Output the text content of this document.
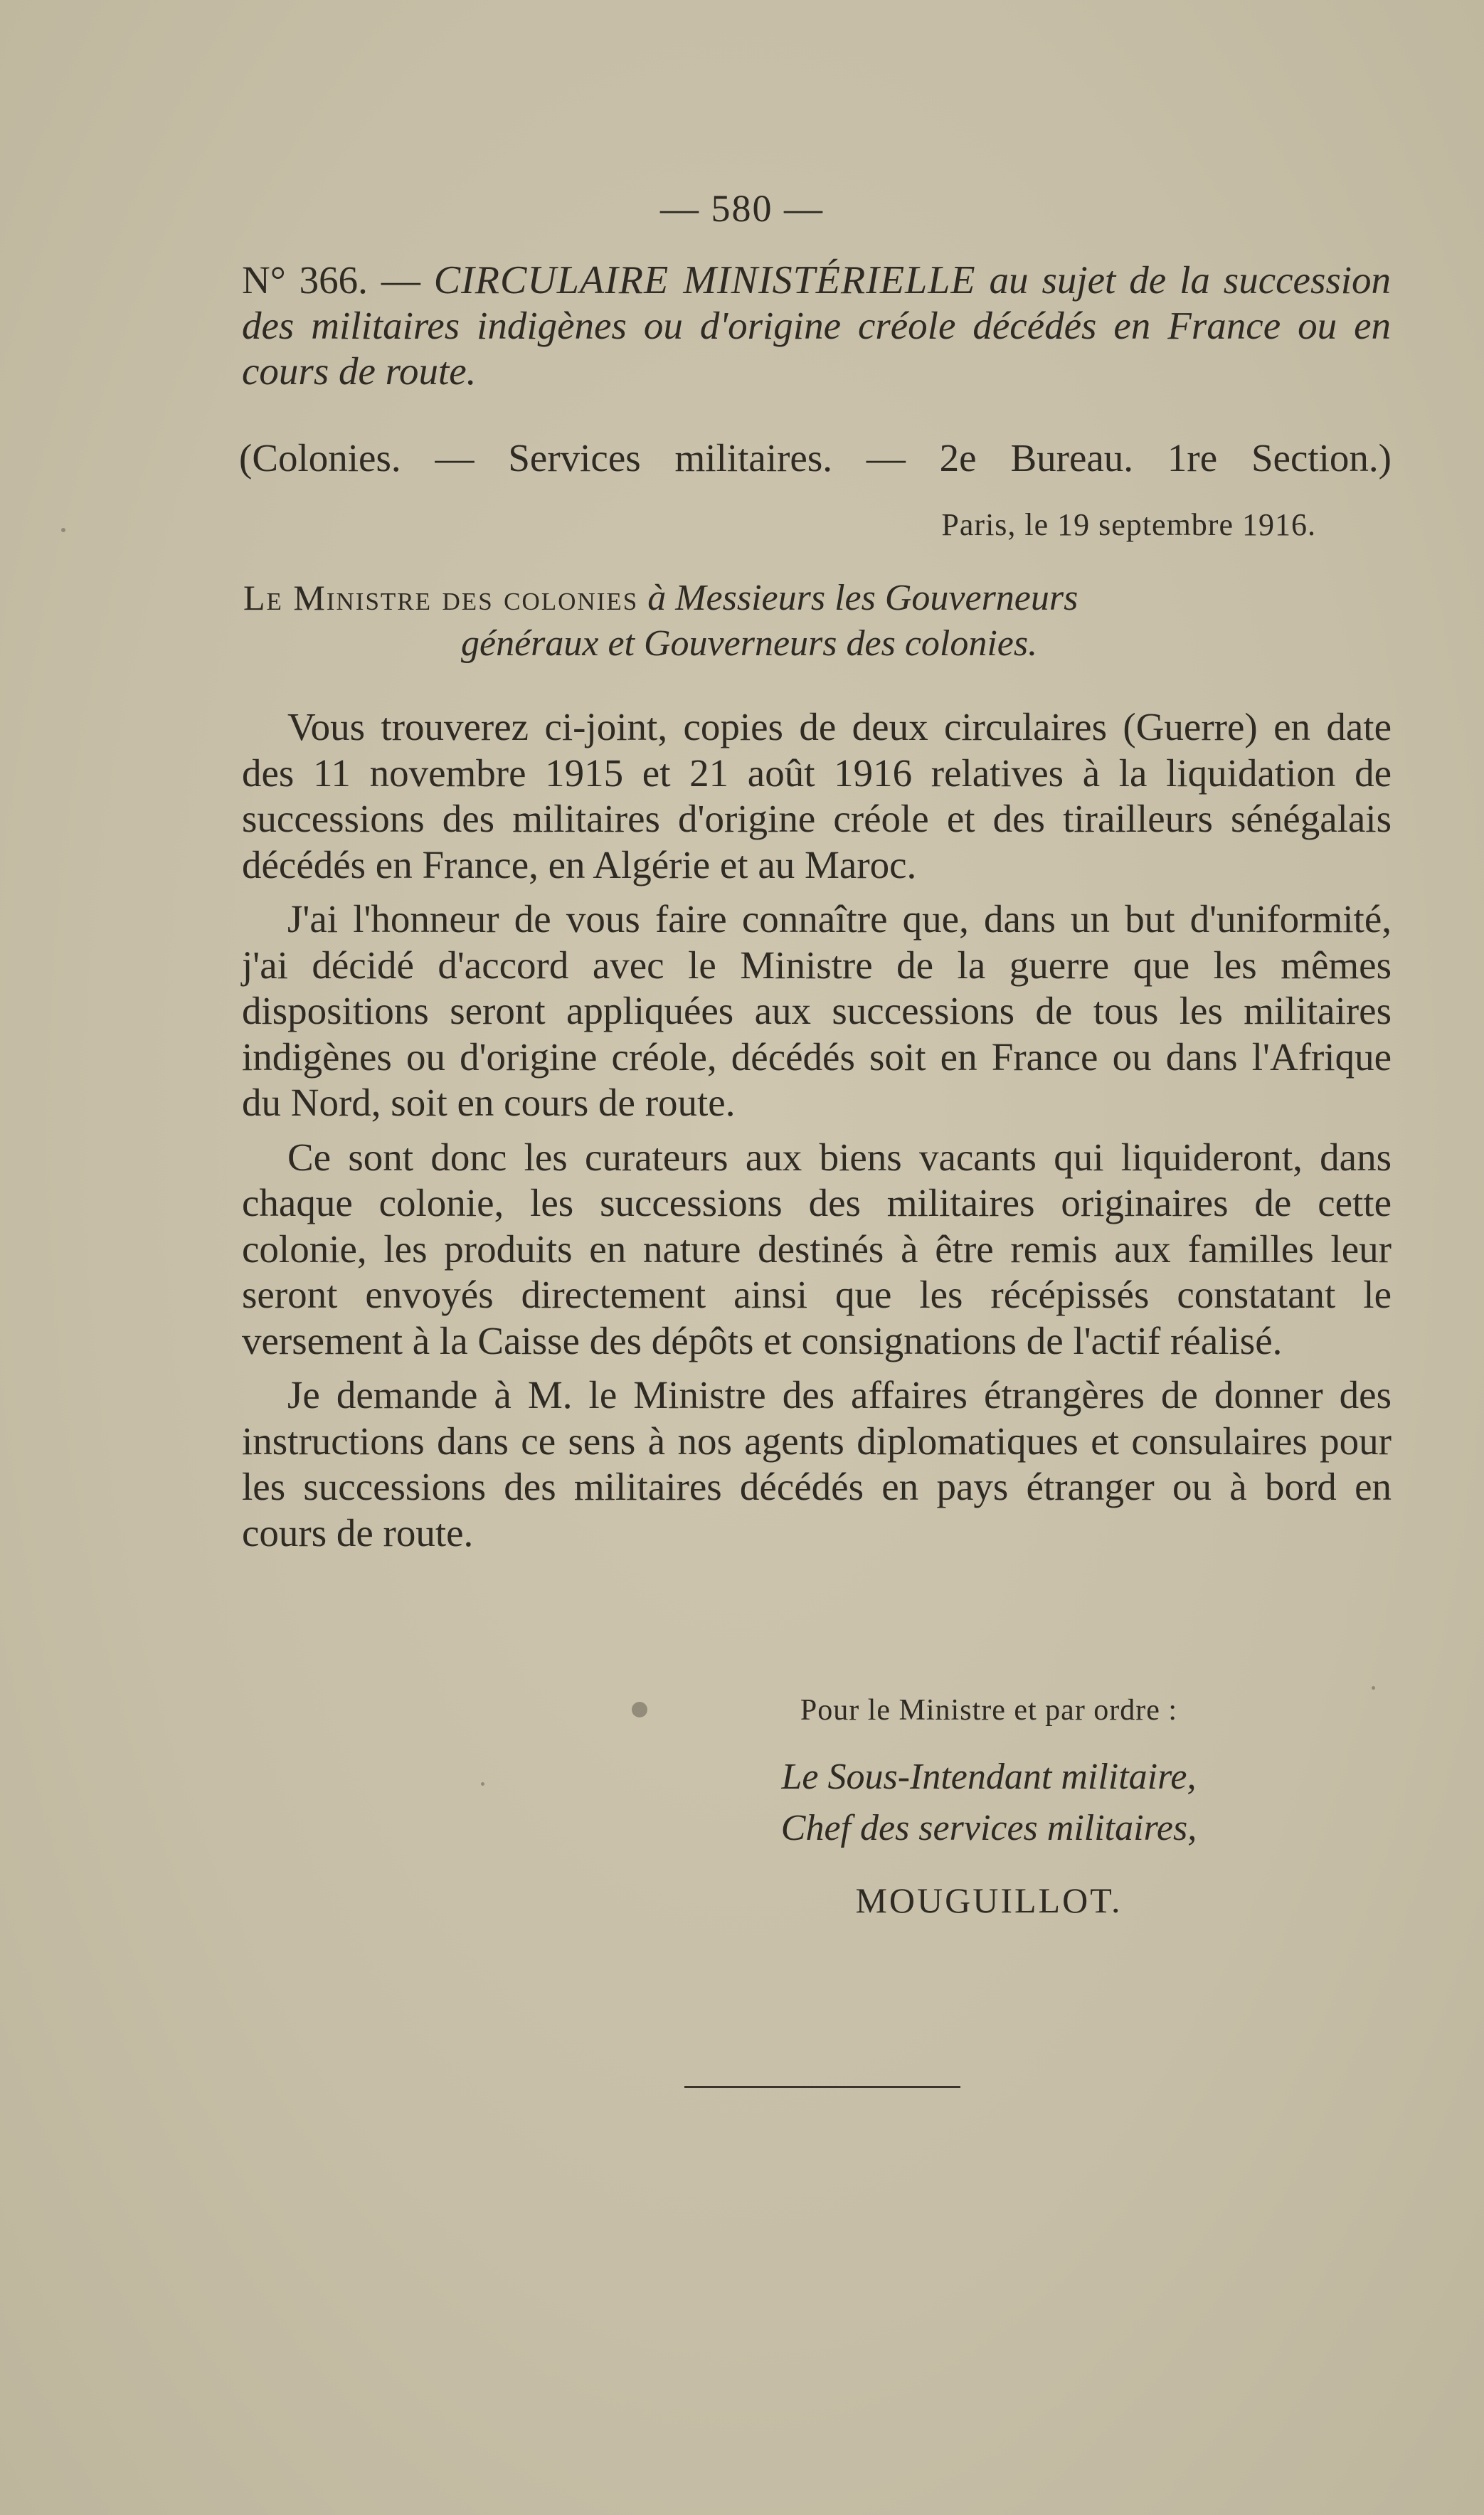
— 580 —
N° 366. — CIRCULAIRE MINISTÉRIELLE au sujet de la succession des militaires indigènes ou d'origine créole décédés en France ou en cours de route.
(Colonies. — Services militaires. — 2e Bureau. 1re Section.)
Paris, le 19 septembre 1916.
Le Ministre des colonies à Messieurs les Gouverneurs
généraux et Gouverneurs des colonies.

Vous trouverez ci-joint, copies de deux circulaires (Guerre) en date des 11 novembre 1915 et 21 août 1916 relatives à la liquidation de successions des militaires d'origine créole et des tirailleurs sénégalais décédés en France, en Algérie et au Maroc.

J'ai l'honneur de vous faire connaître que, dans un but d'uniformité, j'ai décidé d'accord avec le Ministre de la guerre que les mêmes dispositions seront appliquées aux successions de tous les militaires indigènes ou d'origine créole, décédés soit en France ou dans l'Afrique du Nord, soit en cours de route.

Ce sont donc les curateurs aux biens vacants qui liquideront, dans chaque colonie, les successions des militaires originaires de cette colonie, les produits en nature destinés à être remis aux familles leur seront envoyés directement ainsi que les récépissés constatant le versement à la Caisse des dépôts et consignations de l'actif réalisé.

Je demande à M. le Ministre des affaires étrangères de donner des instructions dans ce sens à nos agents diplomatiques et consulaires pour les successions des militaires décédés en pays étranger ou à bord en cours de route.

Pour le Ministre et par ordre :
Le Sous-Intendant militaire,
Chef des services militaires,
MOUGUILLOT.
